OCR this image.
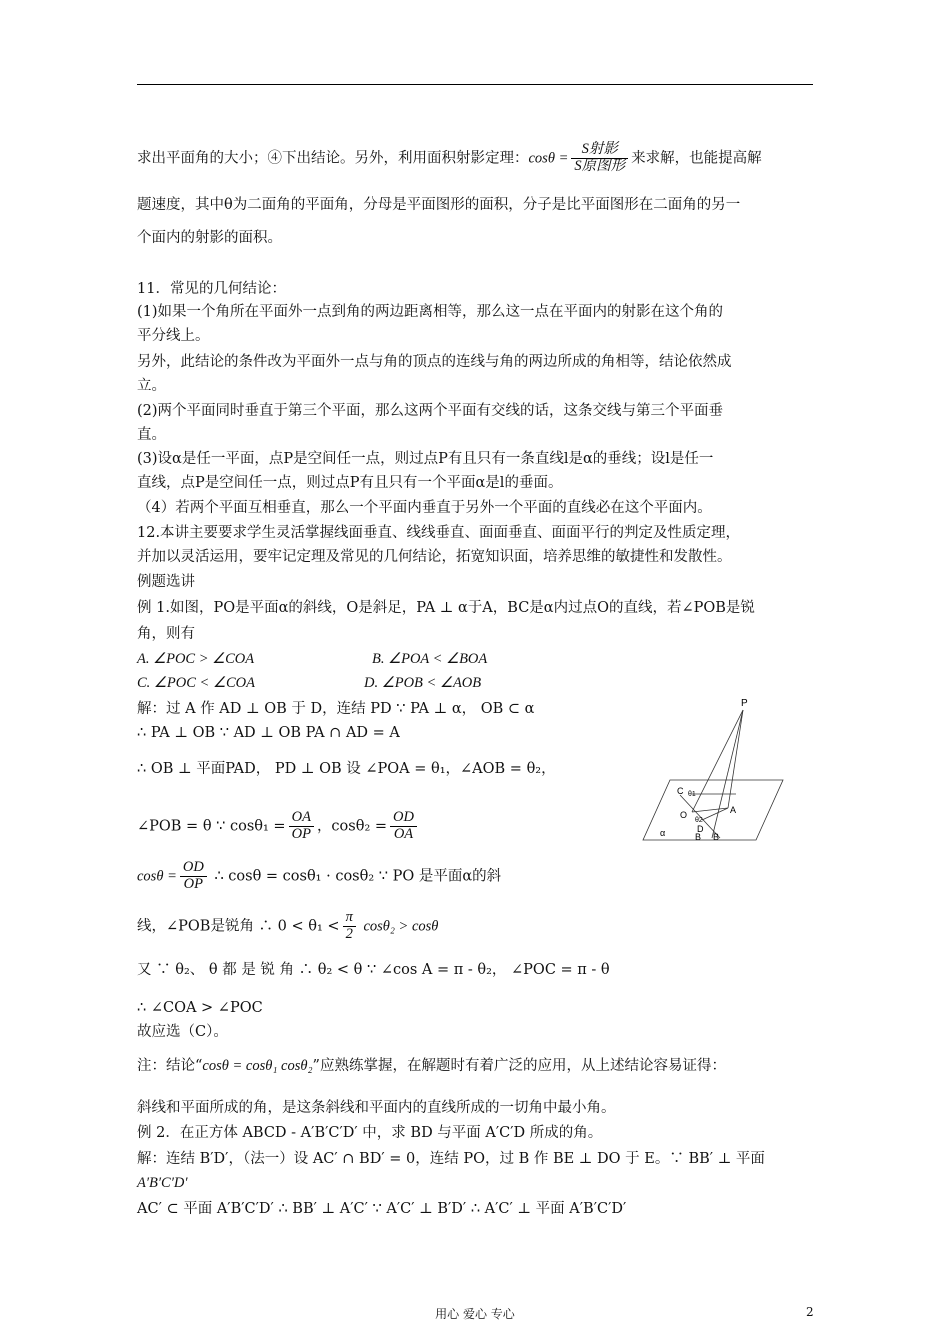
求出平面角的大小；④下出结论。另外，利用面积射影定理：$\cos\theta = \frac{\text{S射影}}{\text{S原图形}}$ 来求解，也能提高解
题速度，其中θ为二面角的平面角，分母是平面图形的面积，分子是比平面图形在二面角的另一
个面内的射影的面积。
11．常见的几何结论：
(1)如果一个角所在平面外一点到角的两边距离相等，那么这一点在平面内的射影在这个角的
平分线上。
另外，此结论的条件改为平面外一点与角的顶点的连线与角的两边所成的角相等，结论依然成
立。
(2)两个平面同时垂直于第三个平面，那么这两个平面有交线的话，这条交线与第三个平面垂
直。
(3)设α是任一平面，点P是空间任一点，则过点P有且只有一条直线l是α的垂线；设l是任一
直线，点P是空间任一点，则过点P有且只有一个平面α是l的垂面。
（4）若两个平面互相垂直，那么一个平面内垂直于另外一个平面的直线必在这个平面内。
12.本讲主要要求学生灵活掌握线面垂直、线线垂直、面面垂直、面面平行的判定及性质定理，
并加以灵活运用，要牢记定理及常见的几何结论，拓宽知识面，培养思维的敏捷性和发散性。
例题选讲
例 1.如图，PO是平面α的斜线，O是斜足，PA ⊥ α于A，BC是α内过点O的直线，若∠POB是锐
角，则有
A. ∠POC > ∠COA	B. ∠POA < ∠BOA
C. ∠POC < ∠COA	D. ∠POB < ∠AOB
解：过 A 作 AD ⊥ OB 于 D，连结 PD ∵ PA ⊥ α， OB ⊂ α
∴ PA ⊥ OB ∵ AD ⊥ OB PA ∩ AD = A
∴ OB ⊥ 平面PAD， PD ⊥ OB 设 ∠POA = θ₁，∠AOB = θ₂，
∠POB = θ ∵ $\cos\theta_1 = \frac{OA}{OP}$ ，$\cos\theta_2 = \frac{OD}{OA}$
$\cos\theta = \frac{OD}{OP}$ ∴ cosθ = cosθ₁ · cosθ₂ ∵ PO 是平面α的斜
线，∠POB是锐角 ∴ $0 < \theta_1 < \frac{\pi}{2} \cos\theta_2 > \cos\theta$
又 ∵ θ₂、 θ 都 是 锐 角 ∴ θ₂ < θ ∵ ∠cos A = π - θ₂， ∠POC = π - θ
∴ ∠COA > ∠POC
故应选（C）。
注：结论“cosθ = cosθ₁ cosθ₂”应熟练掌握，在解题时有着广泛的应用，从上述结论容易证得：
斜线和平面所成的角，是这条斜线和平面内的直线所成的一切角中最小角。
例 2．在正方体 ABCD - A′B′C′D′ 中，求 BD 与平面 A′C′D 所成的角。
解：连结 B′D′，（法一）设 AC′ ∩ BD′ = 0，连结 PO，过 B 作 BE ⊥ DO 于 E。∵ BB′ ⊥ 平面
A′B′C′D′
AC′ ⊂ 平面 A′B′C′D′ ∴ BB′ ⊥ A′C′ ∵ A′C′ ⊥ B′D′ ∴ A′C′ ⊥ 平面 A′B′C′D′
P
A
C θ1
O
θ2
D
α	B B
用心 爱心 专心	2
